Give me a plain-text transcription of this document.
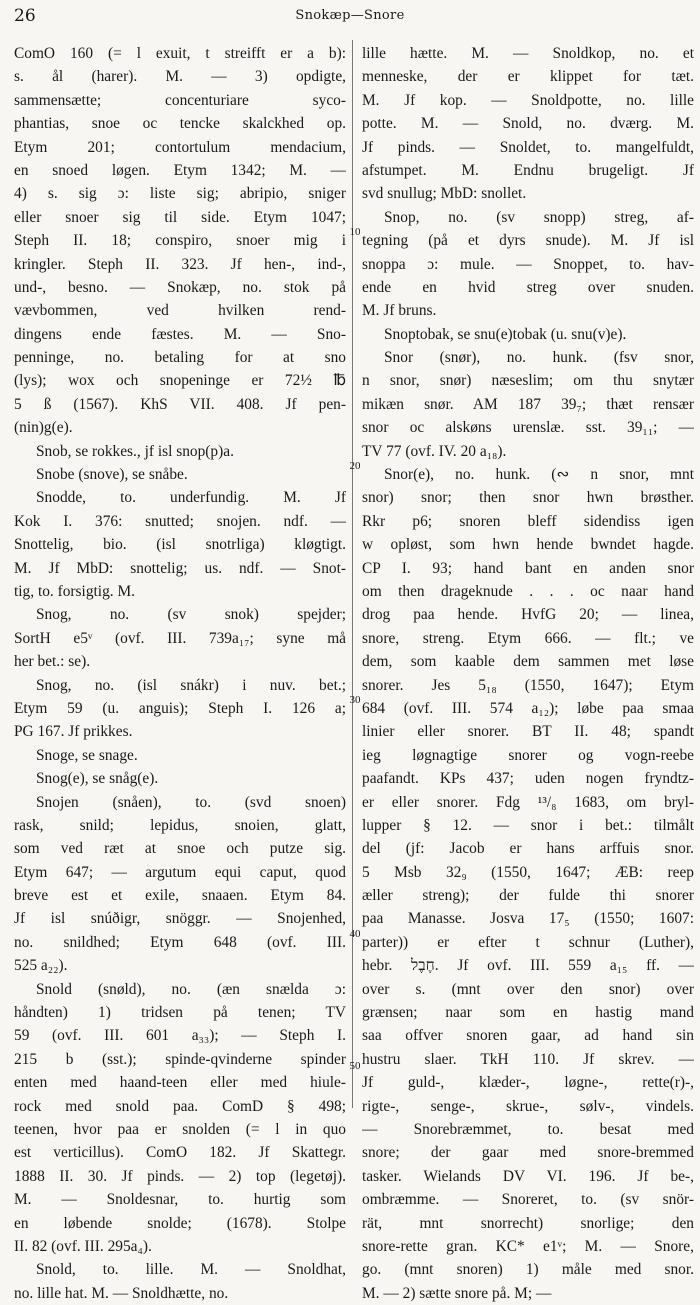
26	Snokæp—Snore
ComO 160 (= l exuit, t streifft er a b):
s. ål (harer). M. — 3) opdigte,
sammensætte; concenturiare syco-
phantias, snoe oc tencke skalckhed op.
Etym 201; contortulum mendacium,
en snoed løgen. Etym 1342; M. —
4) s. sig ɔ: liste sig; abripio, sniger
eller snoer sig til side. Etym 1047;
Steph II. 18; conspiro, snoer mig i
kringler. Steph II. 323. Jf hen-, ind-,
und-, besno. — Snokæp, no. stok på
vævbommen, ved hvilken rend-
dingens ende fæstes. M. — Sno-
penninge, no. betaling for at sno
(lys); wox och snopeninge er 72½ ℔
5 ß (1567). KhS VII. 408. Jf pen-
(nin)g(e).
Snob, se rokkes., jf isl snop(p)a.
Snobe (snove), se snåbe.
Snodde, to. underfundig. M. Jf
Kok I. 376: snutted; snojen. ndf. —
Snottelig, bio. (isl snotrliga) kløgtigt.
M. Jf MbD: snottelig; us. ndf. — Snot-
tig, to. forsigtig. M.
Snog, no. (sv snok) spejder;
SortH e5ᵛ (ovf. III. 739a₁₇; syne må
her bet.: se).
Snog, no. (isl snákr) i nuv. bet.;
Etym 59 (u. anguis); Steph I. 126 a;
PG 167. Jf prikkes.
Snoge, se snage.
Snog(e), se snåg(e).
Snojen (snåen), to. (svd snoen)
rask, snild; lepidus, snoien, glatt,
som ved ræt at snoe och putze sig.
Etym 647; — argutum equi caput, quod
breve est et exile, snaaen. Etym 84.
Jf isl snúðigr, snöggr. — Snojenhed,
no. snildhed; Etym 648 (ovf. III.
525 a₂₂).
Snold (snøld), no. (æn snælda ɔ:
håndten) 1) tridsen på tenen; TV
59 (ovf. III. 601 a₃₃); — Steph I.
215 b (sst.); spinde-qvinderne spinder
enten med haand-teen eller med hiule-
rock med snold paa. ComD § 498;
teenen, hvor paa er snolden (= l in quo
est verticillus). ComO 182. Jf Skattegr.
1888 II. 30. Jf pinds. — 2) top (legetøj).
M. — Snoldesnar, to. hurtig som
en løbende snolde; (1678). Stolpe
II. 82 (ovf. III. 295a₄).
Snold, to. lille. M. — Snoldhat,
no. lille hat. M. — Snoldhætte, no.
lille hætte. M. — Snoldkop, no. et
menneske, der er klippet for tæt.
M. Jf kop. — Snoldpotte, no. lille
potte. M. — Snold, no. dværg. M.
Jf pinds. — Snoldet, to. mangelfuldt,
afstumpet. M. Endnu brugeligt. Jf
svd snullug; MbD: snollet.
Snop, no. (sv snopp) streg, af-
tegning (på et dyrs snude). M. Jf isl
snoppa ɔ: mule. — Snoppet, to. hav-
ende en hvid streg over snuden.
M. Jf bruns.
Snoptobak, se snu(e)tobak (u. snu(v)e).
Snor (snør), no. hunk. (fsv snor,
n snor, snør) næseslim; om thu snytær
mikæn snør. AM 187 39₇; thæt rensær
snor oc alskøns urenslæ. sst. 39₁₁; —
TV 77 (ovf. IV. 20 a₁₈).
Snor(e), no. hunk. (∾ n snor, mnt
snor) snor; then snor hwn brøsther.
Rkr p6; snoren bleff sidendiss igen
w opløst, som hwn hende bwndet hagde.
CP I. 93; hand bant en anden snor
om then drageknude . . . oc naar hand
drog paa hende. HvfG 20; — linea,
snore, streng. Etym 666. — flt.; ve
dem, som kaable dem sammen met løse
snorer. Jes 5₁₈ (1550, 1647); Etym
684 (ovf. III. 574 a₁₂); løbe paa smaa
linier eller snorer. BT II. 48; spandt
ieg løgnagtige snorer og vogn-reebe
paafandt. KPs 437; uden nogen fryndtz-
er eller snorer. Fdg ¹³/₈ 1683, om bryl-
lupper § 12. — snor i bet.: tilmålt
del (jf: Jacob er hans arffuis snor.
5 Msb 32₉ (1550, 1647; ÆB: reep
æller streng); der fulde thi snorer
paa Manasse. Josva 17₅ (1550; 1607:
parter)) er efter t schnur (Luther),
hebr. חֶבֶל. Jf ovf. III. 559 a₁₅ ff. —
over s. (mnt over den snor) over
grænsen; naar som en hastig mand
saa offver snoren gaar, ad hand sin
hustru slaer. TkH 110. Jf skrev. —
Jf guld-, klæder-, løgne-, rette(r)-,
rigte-, senge-, skrue-, sølv-, vindels.
— Snorebræmmet, to. besat med
snore; der gaar med snore-bremmed
tasker. Wielands DV VI. 196. Jf be-,
ombræmme. — Snoreret, to. (sv snör-
rät, mnt snorrecht) snorlige; den
snore-rette gran. KC* e1ᵛ; M. — Snore,
go. (mnt snoren) 1) måle med snor.
M. — 2) sætte snore på. M; —
10
20
30
40
50
